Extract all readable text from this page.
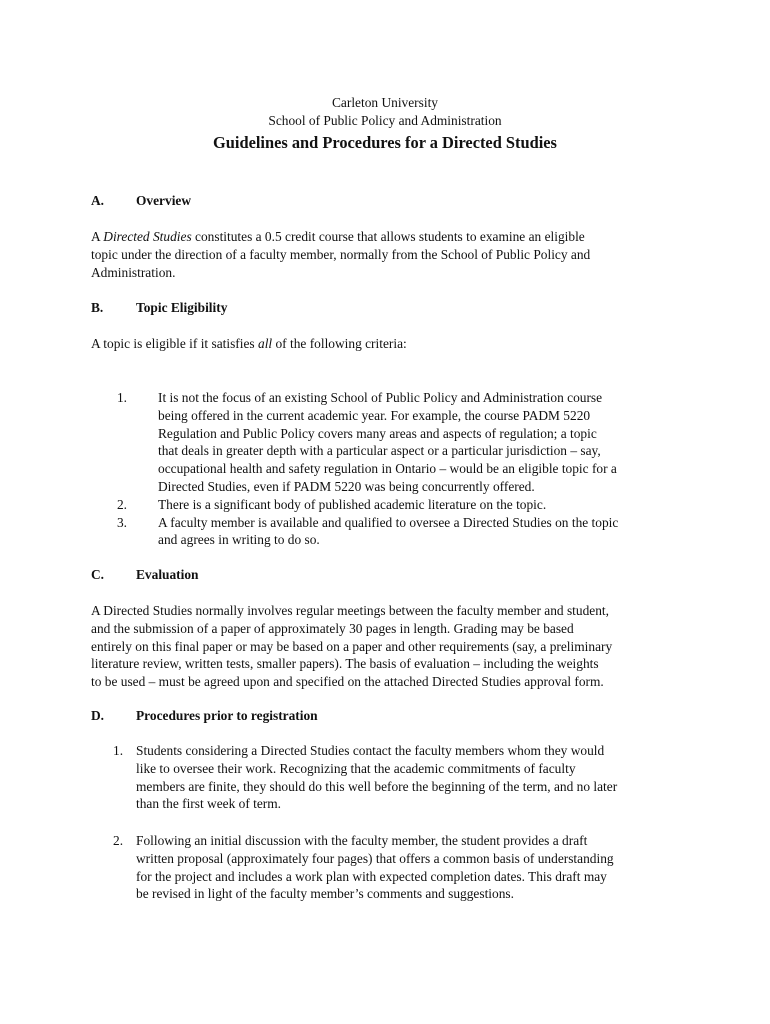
Carleton University
School of Public Policy and Administration
Guidelines and Procedures for a Directed Studies
A. Overview
A Directed Studies constitutes a 0.5 credit course that allows students to examine an eligible
topic under the direction of a faculty member, normally from the School of Public Policy and
Administration.
B. Topic Eligibility
A topic is eligible if it satisfies all of the following criteria:
1. It is not the focus of an existing School of Public Policy and Administration course
being offered in the current academic year. For example, the course PADM 5220
Regulation and Public Policy covers many areas and aspects of regulation; a topic
that deals in greater depth with a particular aspect or a particular jurisdiction – say,
occupational health and safety regulation in Ontario – would be an eligible topic for a
Directed Studies, even if PADM 5220 was being concurrently offered.
2. There is a significant body of published academic literature on the topic.
3. A faculty member is available and qualified to oversee a Directed Studies on the topic
and agrees in writing to do so.
C. Evaluation
A Directed Studies normally involves regular meetings between the faculty member and student,
and the submission of a paper of approximately 30 pages in length. Grading may be based
entirely on this final paper or may be based on a paper and other requirements (say, a preliminary
literature review, written tests, smaller papers). The basis of evaluation – including the weights
to be used – must be agreed upon and specified on the attached Directed Studies approval form.
D. Procedures prior to registration
1. Students considering a Directed Studies contact the faculty members whom they would
like to oversee their work. Recognizing that the academic commitments of faculty
members are finite, they should do this well before the beginning of the term, and no later
than the first week of term.
2. Following an initial discussion with the faculty member, the student provides a draft
written proposal (approximately four pages) that offers a common basis of understanding
for the project and includes a work plan with expected completion dates. This draft may
be revised in light of the faculty member’s comments and suggestions.
